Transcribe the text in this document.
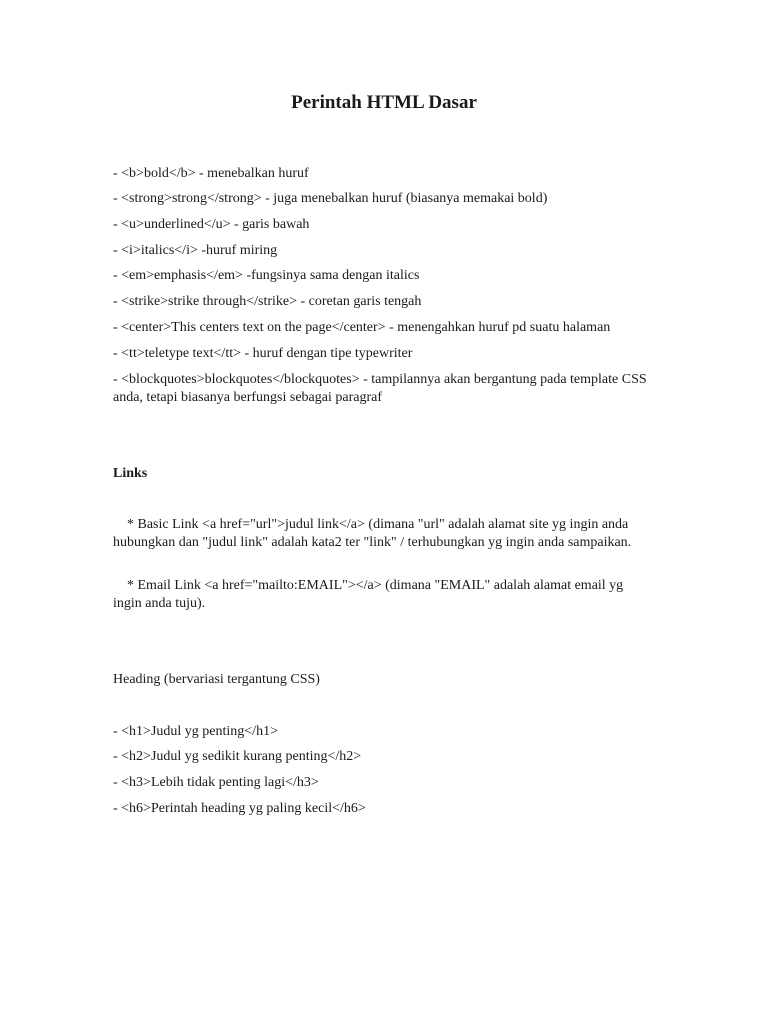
Perintah HTML Dasar
- <b>bold</b> - menebalkan huruf
- <strong>strong</strong> - juga menebalkan huruf (biasanya memakai bold)
- <u>underlined</u> - garis bawah
- <i>italics</i> -huruf miring
- <em>emphasis</em> -fungsinya sama dengan italics
- <strike>strike through</strike> - coretan garis tengah
- <center>This centers text on the page</center> - menengahkan huruf pd suatu halaman
- <tt>teletype text</tt> - huruf dengan tipe typewriter
- <blockquotes>blockquotes</blockquotes> - tampilannya akan bergantung pada template CSS anda, tetapi biasanya berfungsi sebagai paragraf
Links
* Basic Link <a href="url">judul link</a> (dimana "url" adalah alamat site yg ingin anda hubungkan dan "judul link" adalah kata2 ter "link" / terhubungkan yg ingin anda sampaikan.
* Email Link <a href="mailto:EMAIL"></a> (dimana "EMAIL" adalah alamat email yg ingin anda tuju).
Heading (bervariasi tergantung CSS)
- <h1>Judul yg penting</h1>
- <h2>Judul yg sedikit kurang penting</h2>
- <h3>Lebih tidak penting lagi</h3>
- <h6>Perintah heading yg paling kecil</h6>
